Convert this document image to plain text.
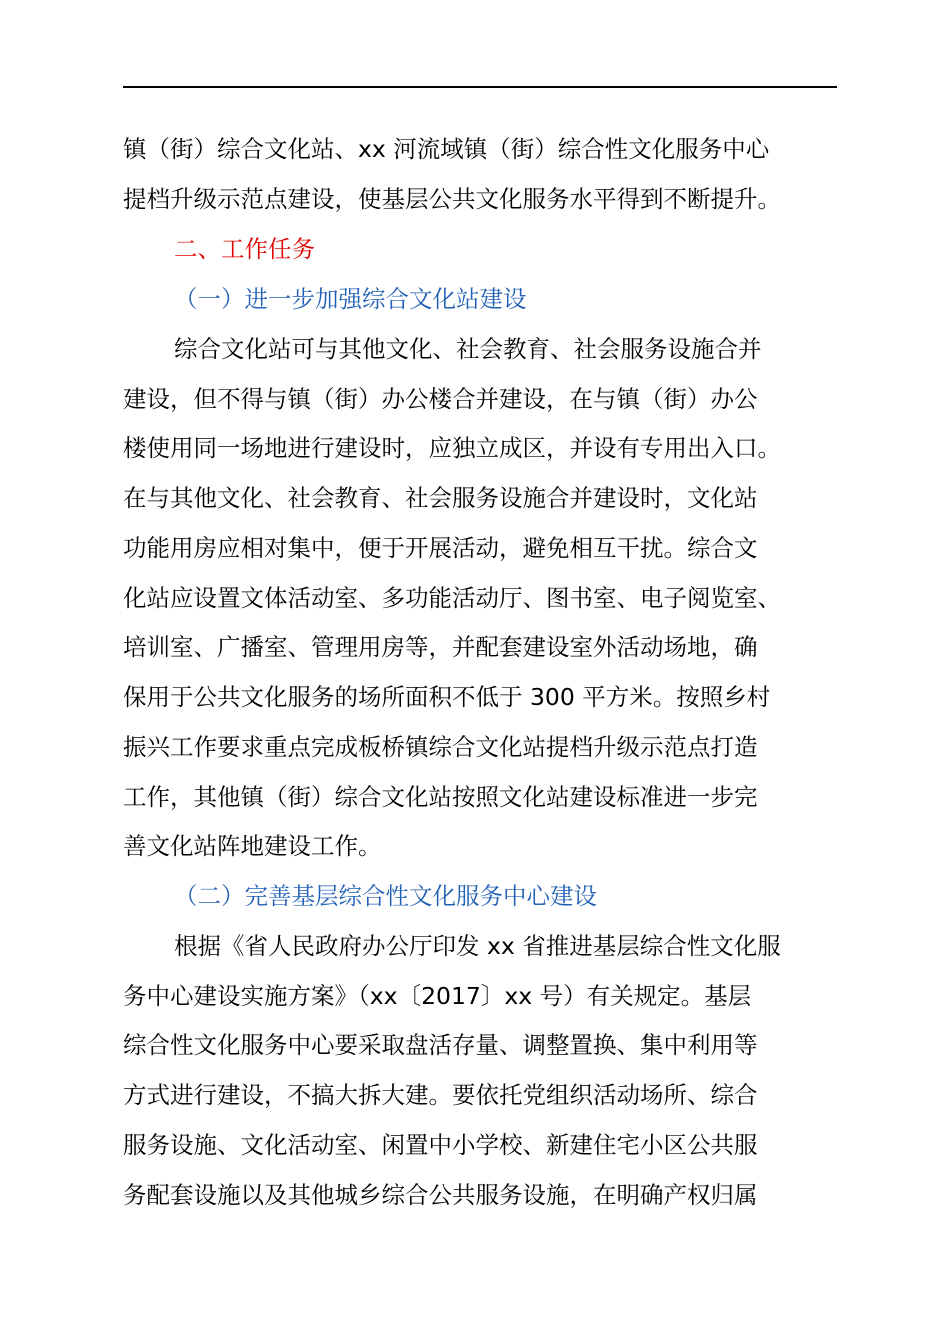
镇（街）综合文化站、xx 河流域镇（街）综合性文化服务中心
提档升级示范点建设，使基层公共文化服务水平得到不断提升。
二、工作任务
（一）进一步加强综合文化站建设
综合文化站可与其他文化、社会教育、社会服务设施合并
建设，但不得与镇（街）办公楼合并建设，在与镇（街）办公
楼使用同一场地进行建设时，应独立成区，并设有专用出入口。
在与其他文化、社会教育、社会服务设施合并建设时，文化站
功能用房应相对集中，便于开展活动，避免相互干扰。综合文
化站应设置文体活动室、多功能活动厅、图书室、电子阅览室、
培训室、广播室、管理用房等，并配套建设室外活动场地，确
保用于公共文化服务的场所面积不低于 300 平方米。按照乡村
振兴工作要求重点完成板桥镇综合文化站提档升级示范点打造
工作，其他镇（街）综合文化站按照文化站建设标准进一步完
善文化站阵地建设工作。
（二）完善基层综合性文化服务中心建设
根据《省人民政府办公厅印发 xx 省推进基层综合性文化服
务中心建设实施方案》（xx〔2017〕xx 号）有关规定。基层
综合性文化服务中心要采取盘活存量、调整置换、集中利用等
方式进行建设，不搞大拆大建。要依托党组织活动场所、综合
服务设施、文化活动室、闲置中小学校、新建住宅小区公共服
务配套设施以及其他城乡综合公共服务设施，在明确产权归属
